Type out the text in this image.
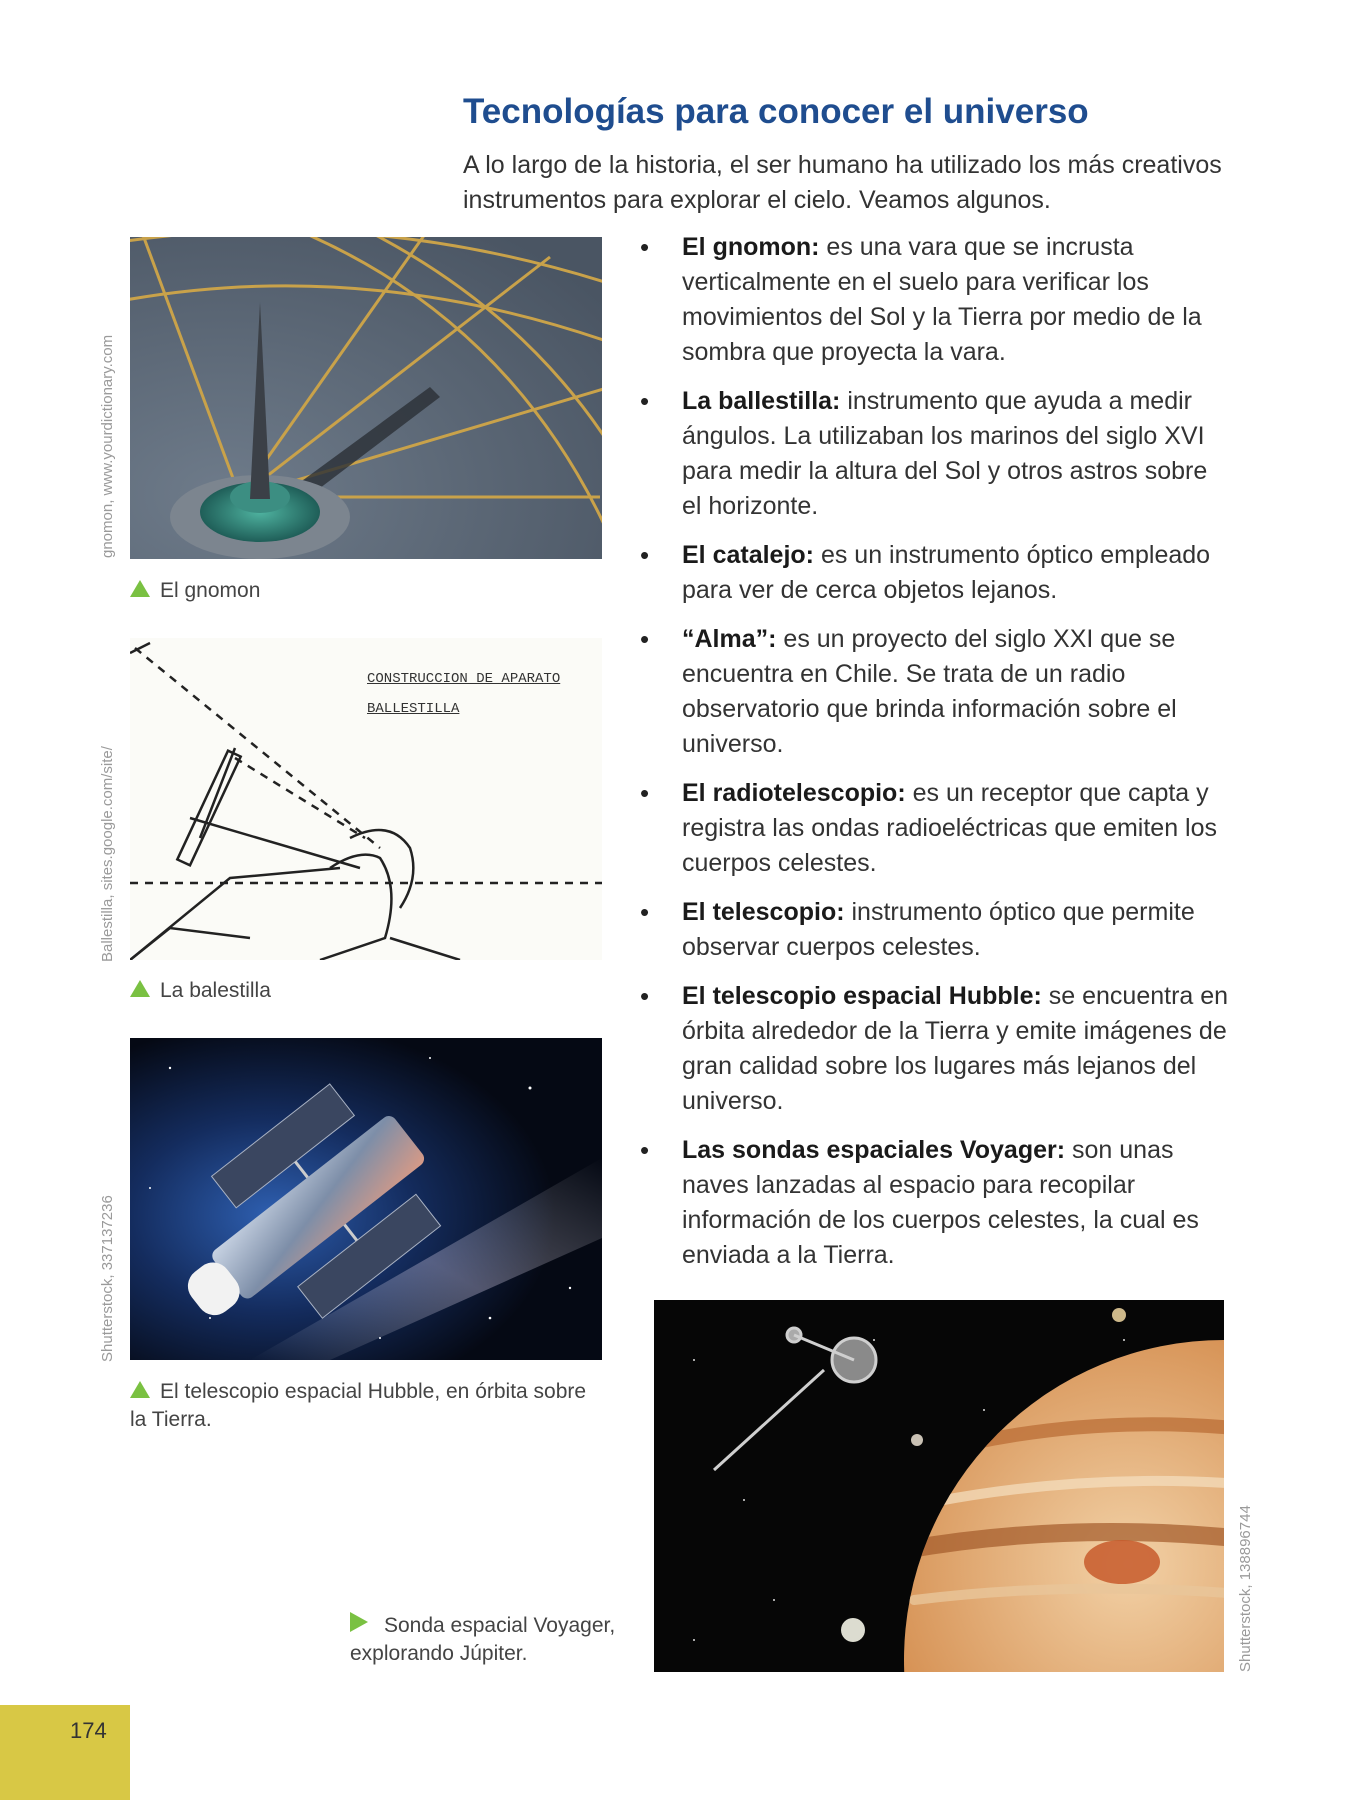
Tecnologías para conocer el universo
A lo largo de la historia, el ser humano ha utilizado los más creativos instrumentos para explorar el cielo. Veamos algunos.
• El gnomon: es una vara que se incrusta verticalmente en el suelo para verificar los movimientos del Sol y la Tierra por medio de la sombra que proyecta la vara.
• La ballestilla: instrumento que ayuda a medir ángulos. La utilizaban los marinos del siglo XVI para medir la altura del Sol y otros astros sobre el horizonte.
• El catalejo: es un instrumento óptico empleado para ver de cerca objetos lejanos.
• “Alma”: es un proyecto del siglo XXI que se encuentra en Chile. Se trata de un radio observatorio que brinda información sobre el universo.
• El radiotelescopio: es un receptor que capta y registra las ondas radioeléctricas que emiten los cuerpos celestes.
• El telescopio: instrumento óptico que permite observar cuerpos celestes.
• El telescopio espacial Hubble: se encuentra en órbita alrededor de la Tierra y emite imágenes de gran calidad sobre los lugares más lejanos del universo.
• Las sondas espaciales Voyager: son unas naves lanzadas al espacio para recopilar información de los cuerpos celestes, la cual es enviada a la Tierra.
El gnomon
gnomon, www.yourdictionary.com
CONSTRUCCION DE APARATO
BALLESTILLA
La balestilla
Ballestilla, sites.google.com/site/
El telescopio espacial Hubble, en órbita sobre la Tierra.
Shutterstock, 337137236
Sonda espacial Voyager, explorando Júpiter.	Shutterstock, 138896744
174
